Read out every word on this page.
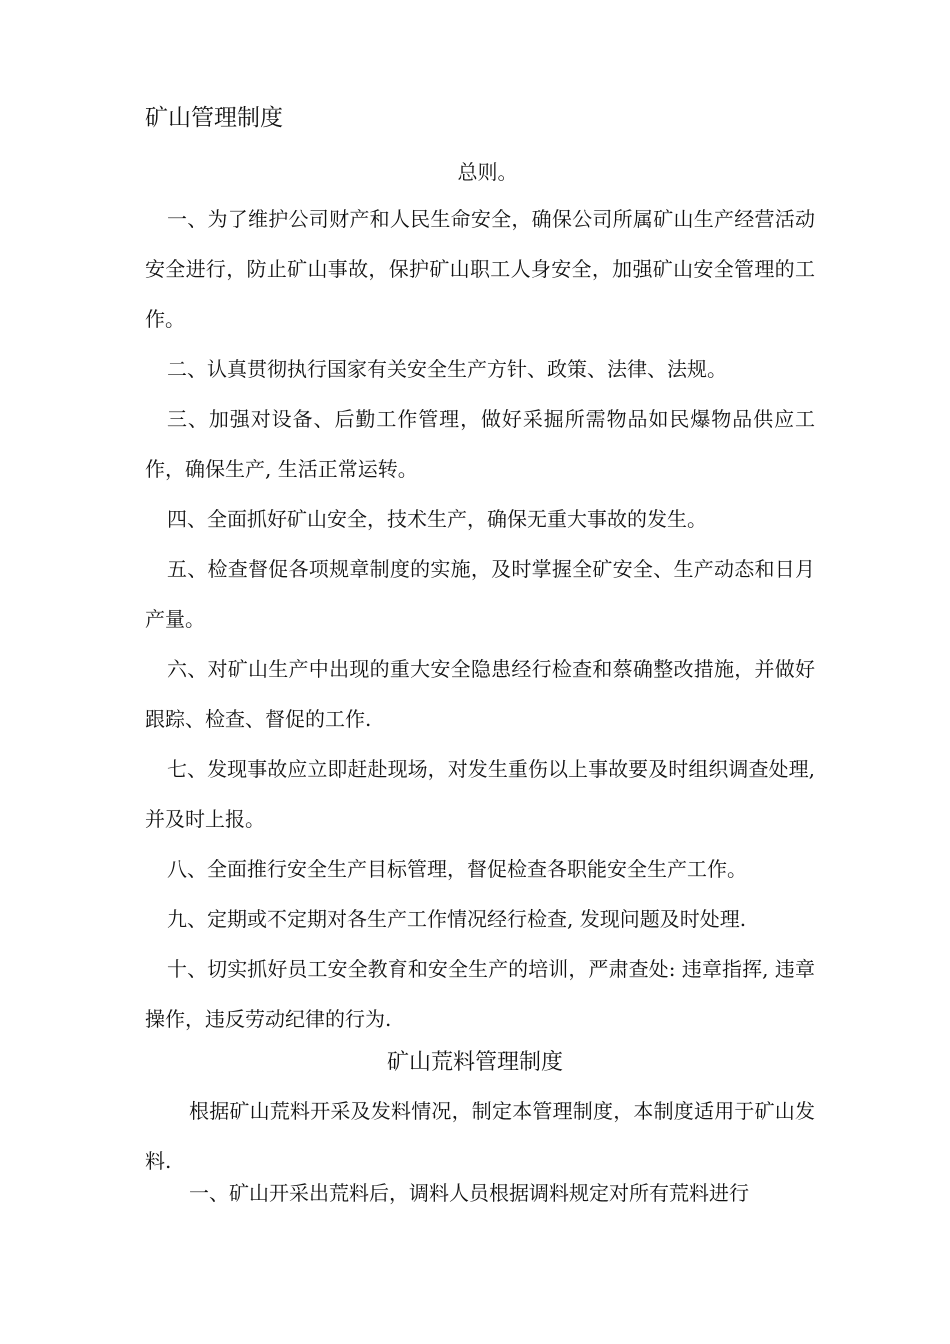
矿山管理制度
总则。

一、为了维护公司财产和人民生命安全，确保公司所属矿山生产经营活动安全进行，防止矿山事故，保护矿山职工人身安全，加强矿山安全管理的工作。

二、认真贯彻执行国家有关安全生产方针、政策、法律、法规。

三、加强对设备、后勤工作管理，做好采掘所需物品如民爆物品供应工作，确保生产, 生活正常运转。

四、全面抓好矿山安全，技术生产，确保无重大事故的发生。

五、检查督促各项规章制度的实施，及时掌握全矿安全、生产动态和日月产量。

六、对矿山生产中出现的重大安全隐患经行检查和蔡确整改措施，并做好跟踪、检查、督促的工作.

七、发现事故应立即赶赴现场，对发生重伤以上事故要及时组织调查处理, 并及时上报。

八、全面推行安全生产目标管理，督促检查各职能安全生产工作。

九、定期或不定期对各生产工作情况经行检查, 发现问题及时处理.

十、切实抓好员工安全教育和安全生产的培训，严肃查处: 违章指挥, 违章操作，违反劳动纪律的行为.

矿山荒料管理制度

根据矿山荒料开采及发料情况，制定本管理制度，本制度适用于矿山发料.

一、矿山开采出荒料后，调料人员根据调料规定对所有荒料进行
